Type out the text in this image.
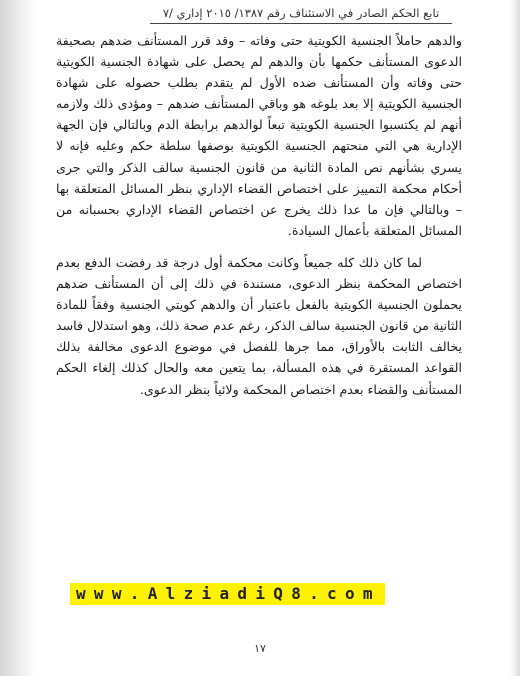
تابع الحكم الصادر في الاستئناف رقم ١٣٨٧/ ٢٠١٥ إداري /٧

والدهم حاملاً الجنسية الكويتية حتى وفاته – وقد قرر المستأنف ضدهم بصحيفة الدعوى المستأنف حكمها بأن والدهم لم يحصل على شهادة الجنسية الكويتية حتى وفاته وأن المستأنف ضده الأول لم يتقدم بطلب حصوله على شهادة الجنسية الكويتية إلا بعد بلوغه هو وباقي المستأنف ضدهم – ومؤدى ذلك ولازمه أنهم لم يكتسبوا الجنسية الكويتية تبعاً لوالدهم برابطة الدم وبالتالي فإن الجهة الإدارية هي التي منحتهم الجنسية الكويتية بوصفها سلطة حكم وعليه فإنه لا يسري بشأنهم نص المادة الثانية من قانون الجنسية سالف الذكر والتي جرى أحكام محكمة التمييز على اختصاص القضاء الإداري بنظر المسائل المتعلقة بها – وبالتالي فإن ما عدا ذلك يخرج عن اختصاص القضاء الإداري بحسبانه من المسائل المتعلقة بأعمال السيادة.

لما كان ذلك كله جميعاً وكانت محكمة أول درجة قد رفضت الدفع بعدم اختصاص المحكمة بنظر الدعوى، مستندة في ذلك إلى أن المستأنف ضدهم يحملون الجنسية الكويتية بالفعل باعتبار أن والدهم كويتي الجنسية وفقاً للمادة الثانية من قانون الجنسية سالف الذكر، رغم عدم صحة ذلك، وهو استدلال فاسد يخالف الثابت بالأوراق، مما جرها للفصل في موضوع الدعوى مخالفة بذلك القواعد المستقرة في هذه المسألة، بما يتعين معه والحال كذلك إلغاء الحكم المستأنف والقضاء بعدم اختصاص المحكمة ولائياً بنظر الدعوى.

www.AlziadiQ8.com
١٧
